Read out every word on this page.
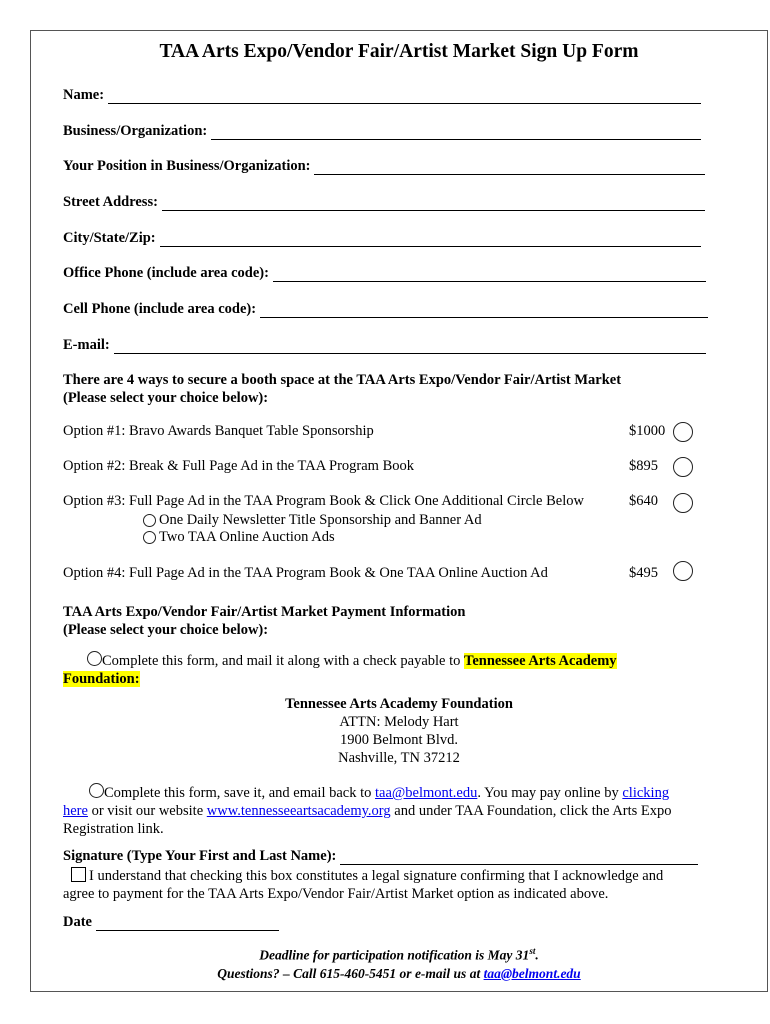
TAA Arts Expo/Vendor Fair/Artist Market Sign Up Form
Name:
Business/Organization:
Your Position in Business/Organization:
Street Address:
City/State/Zip:
Office Phone (include area code):
Cell Phone (include area code):
E-mail:
There are 4 ways to secure a booth space at the TAA Arts Expo/Vendor Fair/Artist Market
(Please select your choice below):
Option #1: Bravo Awards Banquet Table Sponsorship	$1000
Option #2: Break & Full Page Ad in the TAA Program Book	$895
Option #3: Full Page Ad in the TAA Program Book & Click One Additional Circle Below	$640
One Daily Newsletter Title Sponsorship and Banner Ad
Two TAA Online Auction Ads
Option #4: Full Page Ad in the TAA Program Book & One TAA Online Auction Ad	$495
TAA Arts Expo/Vendor Fair/Artist Market Payment Information
(Please select your choice below):
Complete this form, and mail it along with a check payable to Tennessee Arts Academy
Foundation:
Tennessee Arts Academy Foundation
ATTN: Melody Hart
1900 Belmont Blvd.
Nashville, TN 37212
Complete this form, save it, and email back to taa@belmont.edu. You may pay online by clicking
here or visit our website www.tennesseeartsacademy.org and under TAA Foundation, click the Arts Expo
Registration link.
Signature (Type Your First and Last Name):
I understand that checking this box constitutes a legal signature confirming that I acknowledge and
agree to payment for the TAA Arts Expo/Vendor Fair/Artist Market option as indicated above.
Date
Deadline for participation notification is May 31st.
Questions? – Call 615-460-5451 or e-mail us at taa@belmont.edu
